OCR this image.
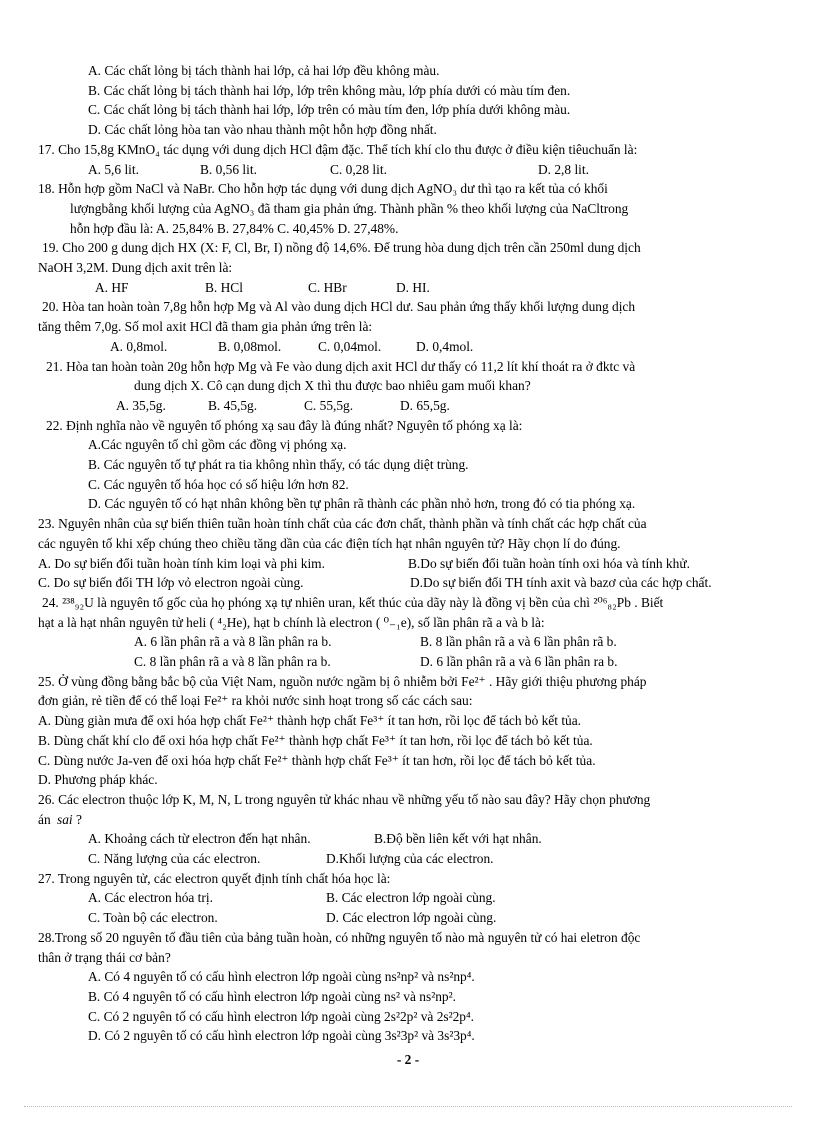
A. Các chất lỏng bị tách thành hai lớp, cả hai lớp đều không màu.
B. Các chất lỏng bị tách thành hai lớp, lớp trên không màu, lớp phía dưới có màu tím đen.
C. Các chất lỏng bị tách thành hai lớp, lớp trên có màu tím đen, lớp phía dưới không màu.
D. Các chất lỏng hòa tan vào nhau thành một hỗn hợp đồng nhất.
17. Cho 15,8g KMnO₄ tác dụng với dung dịch HCl đậm đặc. Thể tích khí clo thu được ở điều kiện tiêuchuẩn là:
A. 5,6 lit.	B. 0,56 lit.	C. 0,28 lit.	D. 2,8 lit.
18. Hỗn hợp gồm NaCl và NaBr. Cho hỗn hợp tác dụng với dung dịch AgNO₃ dư thì tạo ra kết tủa có khối
lượngbằng khối lượng của AgNO₃ đã tham gia phản ứng. Thành phần % theo khối lượng của NaCltrong
hỗn hợp đầu là: A. 25,84% B. 27,84% C. 40,45% D. 27,48%.
19. Cho 200 g dung dịch HX (X: F, Cl, Br, I) nồng độ 14,6%. Để trung hòa dung dịch trên cần 250ml dung dịch
NaOH 3,2M. Dung dịch axit trên là:
A. HF	B. HCl	C. HBr	D. HI.
20. Hòa tan hoàn toàn 7,8g hỗn hợp Mg và Al vào dung dịch HCl dư. Sau phản ứng thấy khối lượng dung dịch
tăng thêm 7,0g. Số mol axit HCl đã tham gia phản ứng trên là:
A. 0,8mol.	B. 0,08mol.	C. 0,04mol.	D. 0,4mol.
21. Hòa tan hoàn toàn 20g hỗn hợp Mg và Fe vào dung dịch axit HCl dư thấy có 11,2 lít khí thoát ra ở đktc và
dung dịch X. Cô cạn dung dịch X thì thu được bao nhiêu gam muối khan?
A. 35,5g.	B. 45,5g.	C. 55,5g.	D. 65,5g.
22. Định nghĩa nào về nguyên tố phóng xạ sau đây là đúng nhất? Nguyên tố phóng xạ là:
A.Các nguyên tố chỉ gồm các đồng vị phóng xạ.
B. Các nguyên tố tự phát ra tia không nhìn thấy, có tác dụng diệt trùng.
C. Các nguyên tố hóa học có số hiệu lớn hơn 82.
D. Các nguyên tố có hạt nhân không bền tự phân rã thành các phần nhỏ hơn, trong đó có tia phóng xạ.
23. Nguyên nhân của sự biến thiên tuần hoàn tính chất của các đơn chất, thành phần và tính chất các hợp chất của
các nguyên tố khi xếp chúng theo chiều tăng dần của các điện tích hạt nhân nguyên tử? Hãy chọn lí do đúng.
A. Do sự biến đổi tuần hoàn tính kim loại và phi kim.	B.Do sự biến đổi tuần hoàn tính oxi hóa và tính khử.
C. Do sự biến đổi TH lớp vỏ electron ngoài cùng.	D.Do sự biến đổi TH tính axit và bazơ của các hợp chất.
24. ²³⁸₉₂U là nguyên tố gốc của họ phóng xạ tự nhiên uran, kết thúc của dãy này là đồng vị bền của chì ²⁰⁶₈₂Pb . Biết
hạt a là hạt nhân nguyên tử heli ( ⁴₂He), hạt b chính là electron ( ⁰₋₁e), số lần phân rã a và b là:
A. 6 lần phân rã a và 8 lần phân ra b.	B. 8 lần phân rã a và 6 lần phân rã b.
C. 8 lần phân rã a và 8 lần phân ra b.	D. 6 lần phân rã a và 6 lần phân ra b.
25. Ở vùng đồng bằng bắc bộ của Việt Nam, nguồn nước ngầm bị ô nhiễm bởi Fe²⁺ . Hãy giới thiệu phương pháp
đơn giản, rẻ tiền để có thể loại Fe²⁺ ra khỏi nước sinh hoạt trong số các cách sau:
A. Dùng giàn mưa để oxi hóa hợp chất Fe²⁺ thành hợp chất Fe³⁺ ít tan hơn, rồi lọc để tách bỏ kết tủa.
B. Dùng chất khí clo để oxi hóa hợp chất Fe²⁺ thành hợp chất Fe³⁺ ít tan hơn, rồi lọc để tách bỏ kết tủa.
C. Dùng nước Ja-ven để oxi hóa hợp chất Fe²⁺ thành hợp chất Fe³⁺ ít tan hơn, rồi lọc để tách bỏ kết tủa.
D. Phương pháp khác.
26. Các electron thuộc lớp K, M, N, L trong nguyên tử khác nhau về những yếu tố nào sau đây? Hãy chọn phương
án sai ?
A. Khoảng cách từ electron đến hạt nhân.	B.Độ bền liên kết với hạt nhân.
C. Năng lượng của các electron.	D.Khối lượng của các electron.
27. Trong nguyên tử, các electron quyết định tính chất hóa học là:
A. Các electron hóa trị.	B. Các electron lớp ngoài cùng.
C. Toàn bộ các electron.	D. Các electron lớp ngoài cùng.
28.Trong số 20 nguyên tố đầu tiên của bảng tuần hoàn, có những nguyên tố nào mà nguyên tử có hai eletron độc
thân ở trạng thái cơ bản?
A. Có 4 nguyên tố có cấu hình electron lớp ngoài cùng ns²np² và ns²np⁴.
B. Có 4 nguyên tố có cấu hình electron lớp ngoài cùng ns² và ns²np².
C. Có 2 nguyên tố có cấu hình electron lớp ngoài cùng 2s²2p² và 2s²2p⁴.
D. Có 2 nguyên tố có cấu hình electron lớp ngoài cùng 3s²3p² và 3s²3p⁴.
- 2 -
